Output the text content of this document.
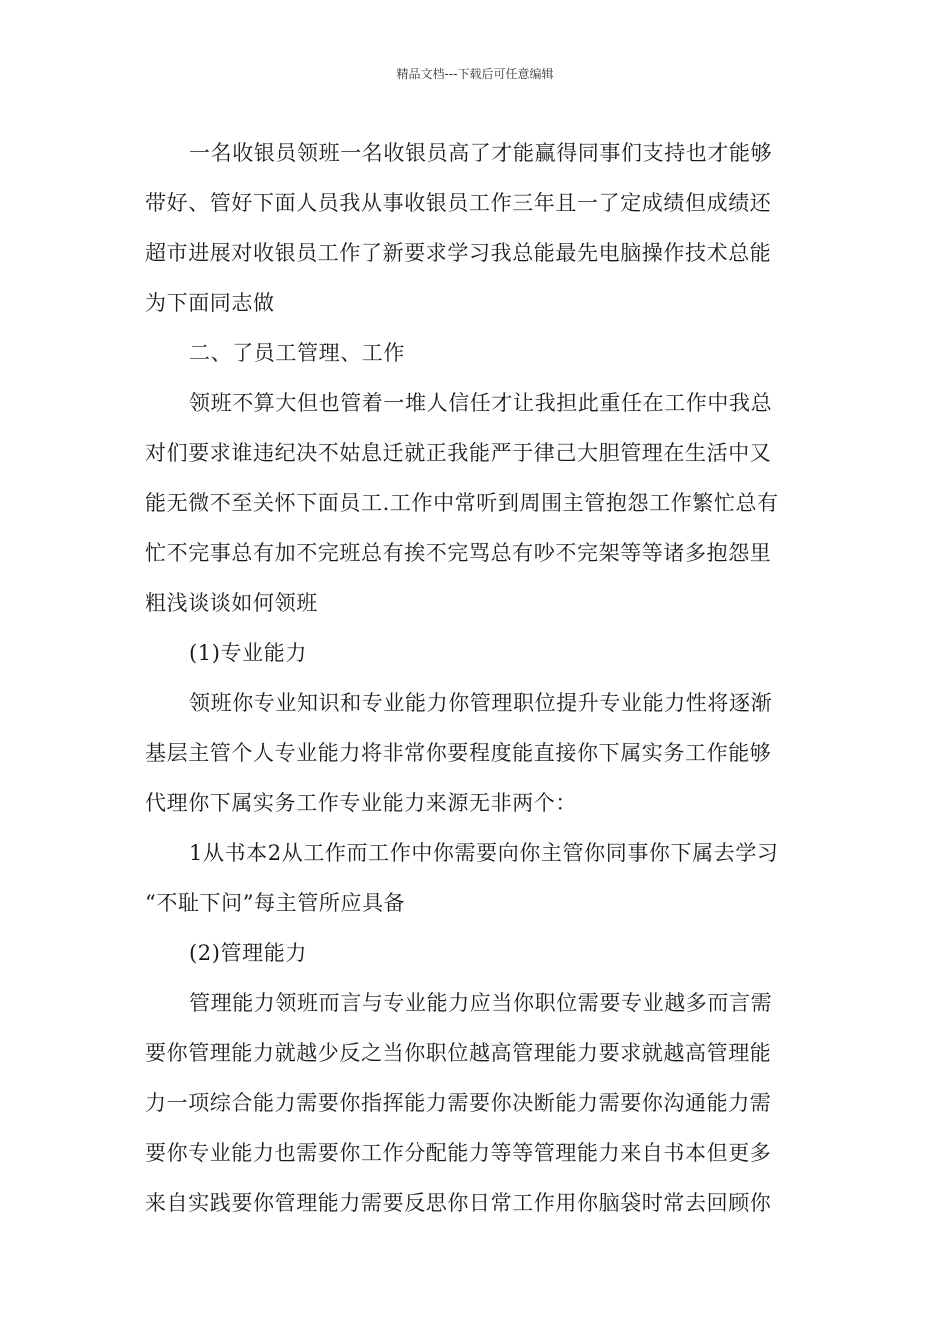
精品文档---下载后可任意编辑
一名收银员领班一名收银员高了才能赢得同事们支持也才能够
带好、管好下面人员我从事收银员工作三年且一了定成绩但成绩还
超市进展对收银员工作了新要求学习我总能最先电脑操作技术总能
为下面同志做
二、了员工管理、工作
领班不算大但也管着一堆人信任才让我担此重任在工作中我总
对们要求谁违纪决不姑息迁就正我能严于律己大胆管理在生活中又
能无微不至关怀下面员工.工作中常听到周围主管抱怨工作繁忙总有
忙不完事总有加不完班总有挨不完骂总有吵不完架等等诸多抱怨里
粗浅谈谈如何领班
(1)专业能力
领班你专业知识和专业能力你管理职位提升专业能力性将逐渐
基层主管个人专业能力将非常你要程度能直接你下属实务工作能够
代理你下属实务工作专业能力来源无非两个：
1从书本2从工作而工作中你需要向你主管你同事你下属去学习
“不耻下问”每主管所应具备
(2)管理能力
管理能力领班而言与专业能力应当你职位需要专业越多而言需
要你管理能力就越少反之当你职位越高管理能力要求就越高管理能
力一项综合能力需要你指挥能力需要你决断能力需要你沟通能力需
要你专业能力也需要你工作分配能力等等管理能力来自书本但更多
来自实践要你管理能力需要反思你日常工作用你脑袋时常去回顾你
